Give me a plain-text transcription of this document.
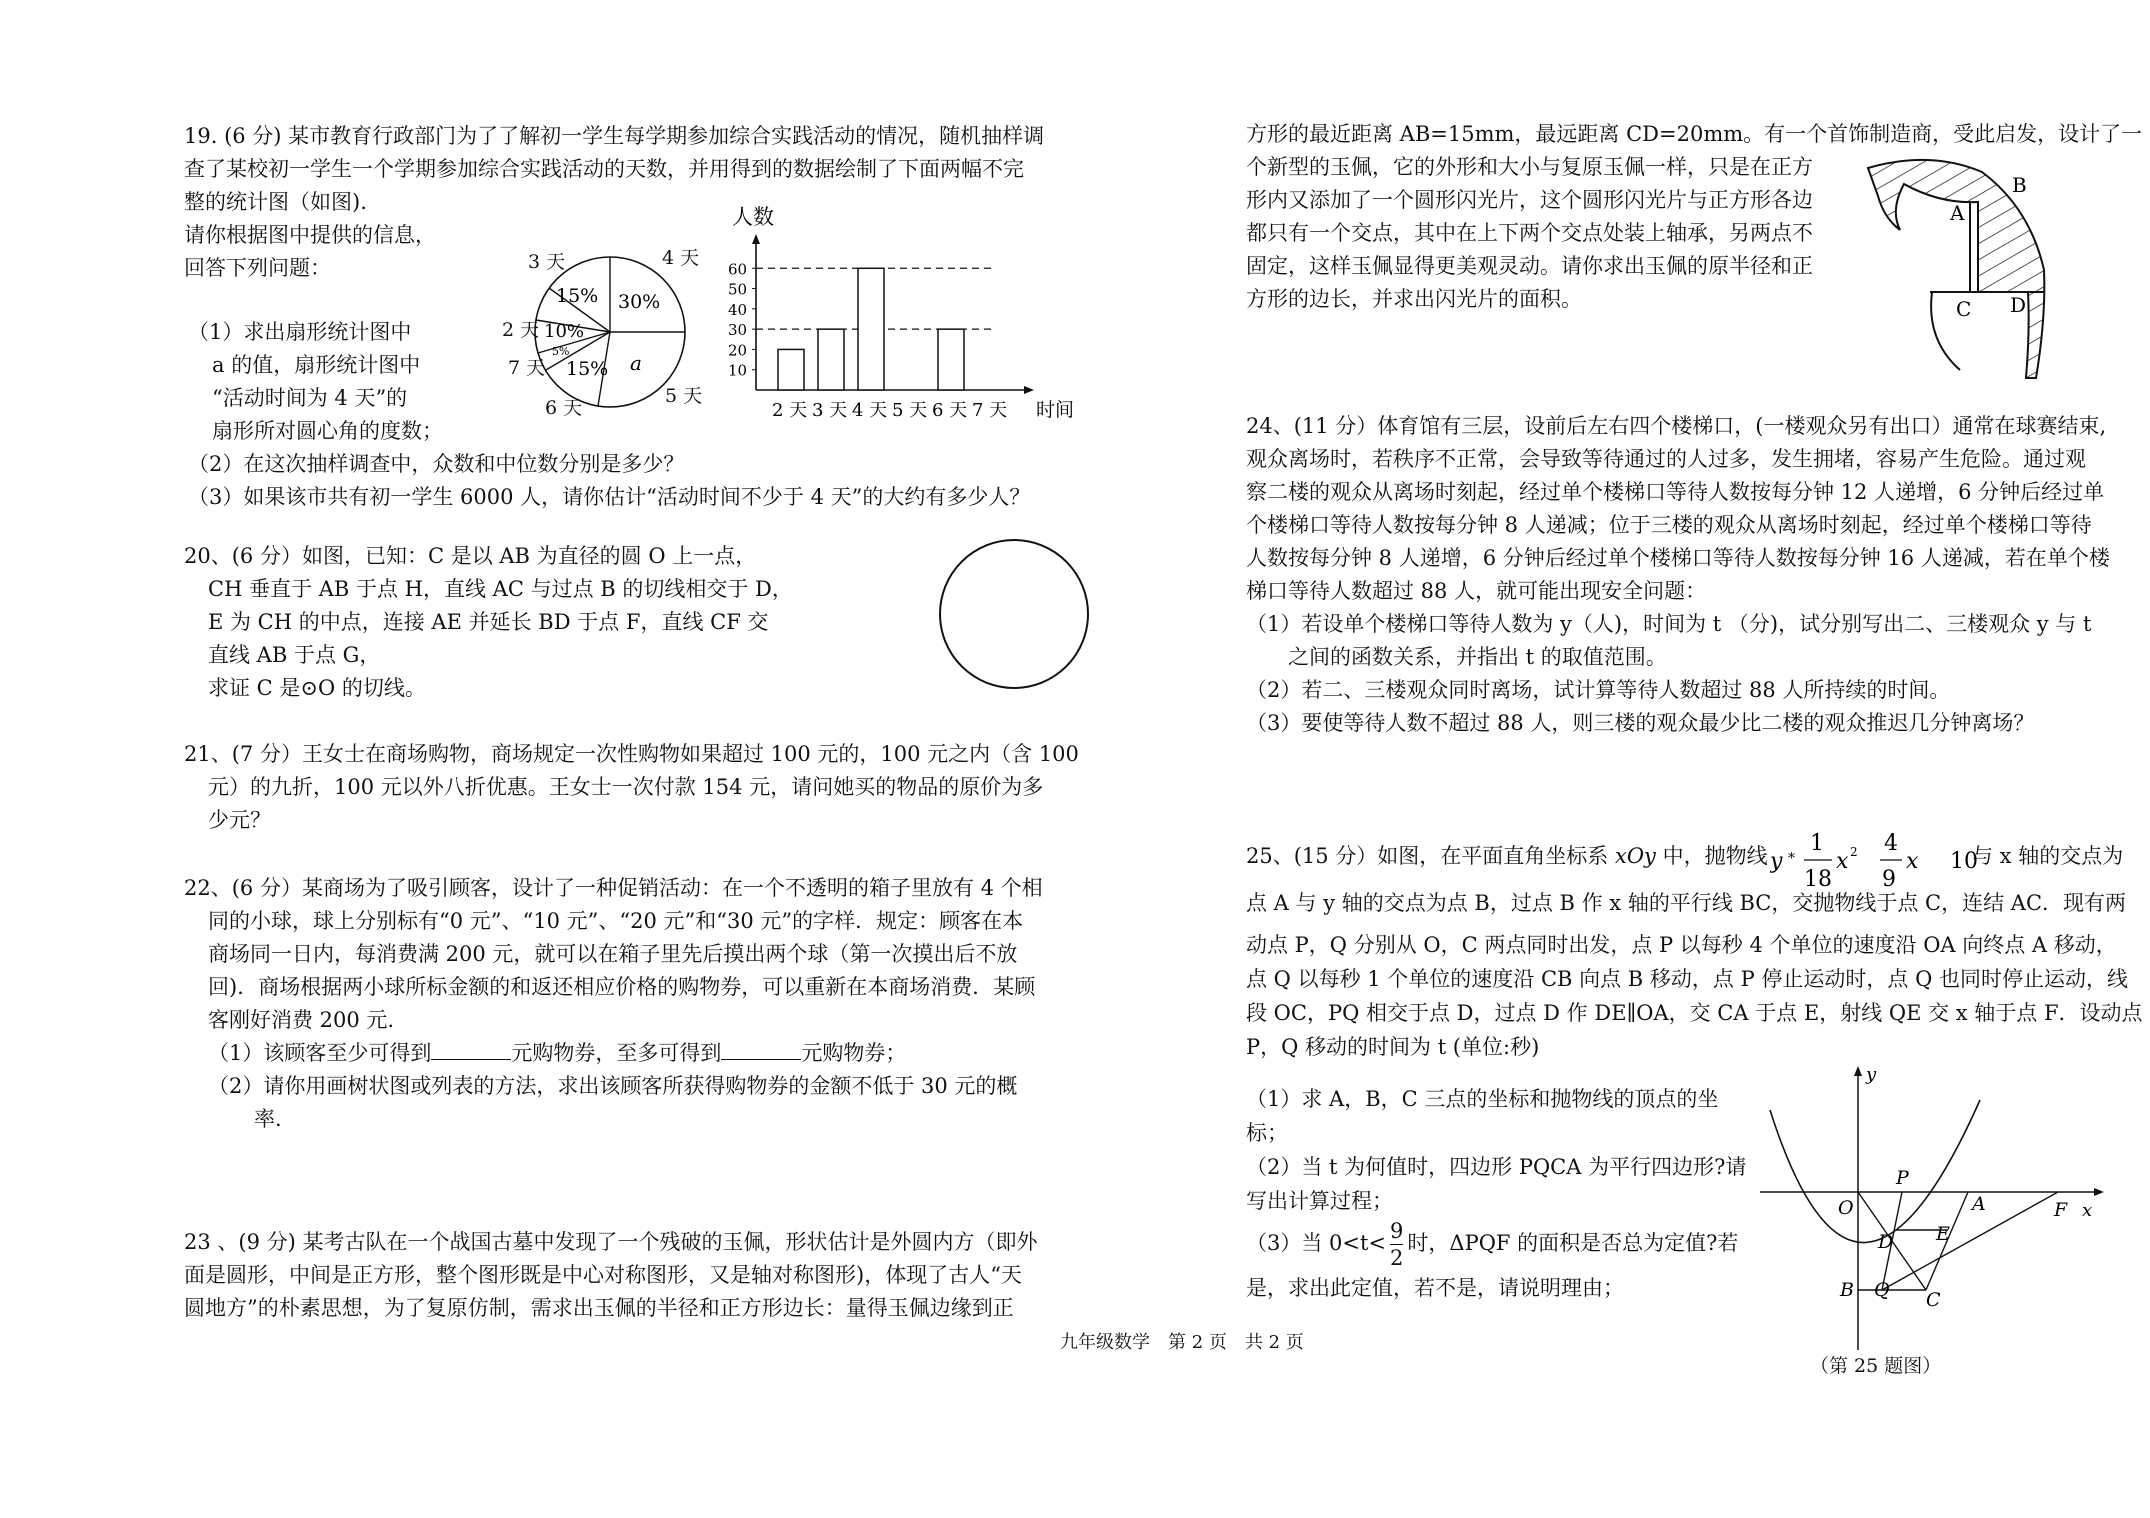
19. (6 分) 某市教育行政部门为了了解初一学生每学期参加综合实践活动的情况，随机抽样调

查了某校初一学生一个学期参加综合实践活动的天数，并用得到的数据绘制了下面两幅不完

整的统计图（如图).

请你根据图中提供的信息，

回答下列问题：

（1）求出扇形统计图中

a 的值，扇形统计图中

“活动时间为 4 天”的

扇形所对圆心角的度数；

（2）在这次抽样调查中，众数和中位数分别是多少？

（3）如果该市共有初一学生 6000 人，请你估计“活动时间不少于 4 天”的大约有多少人？

15% 30%
10%
5%
15% a
3 天	4 天
2 天
7 天
6 天
5 天
人数
60
50
40
30
20
10
2 天 3 天 4 天 5 天 6 天 7 天 时间

20、(6 分）如图，已知：C 是以 AB 为直径的圆 O 上一点，

CH 垂直于 AB 于点 H，直线 AC 与过点 B 的切线相交于 D，

E 为 CH 的中点，连接 AE 并延长 BD 于点 F，直线 CF 交

直线 AB 于点 G，

求证 C 是⊙O 的切线。

21、(7 分）王女士在商场购物，商场规定一次性购物如果超过 100 元的，100 元之内（含 100

元）的九折，100 元以外八折优惠。王女士一次付款 154 元，请问她买的物品的原价为多

少元？

22、(6 分）某商场为了吸引顾客，设计了一种促销活动：在一个不透明的箱子里放有 4 个相

同的小球，球上分别标有“0 元”、“10 元”、“20 元”和“30 元”的字样．规定：顾客在本

商场同一日内，每消费满 200 元，就可以在箱子里先后摸出两个球（第一次摸出后不放

回)．商场根据两小球所标金额的和返还相应价格的购物券，可以重新在本商场消费．某顾

客刚好消费 200 元.

（1）该顾客至少可得到	元购物券，至多可得到	元购物券；

（2）请你用画树状图或列表的方法，求出该顾客所获得购物券的金额不低于 30 元的概

率.

23 、(9 分) 某考古队在一个战国古墓中发现了一个残破的玉佩，形状估计是外圆内方（即外

面是圆形，中间是正方形，整个图形既是中心对称图形，又是轴对称图形)，体现了古人“天

圆地方”的朴素思想，为了复原仿制，需求出玉佩的半径和正方形边长：量得玉佩边缘到正

九年级数学　第 2 页　共 2 页

方形的最近距离 AB=15mm，最远距离 CD=20mm。有一个首饰制造商，受此启发，设计了一

个新型的玉佩，它的外形和大小与复原玉佩一样，只是在正方

形内又添加了一个圆形闪光片，这个圆形闪光片与正方形各边

都只有一个交点，其中在上下两个交点处装上轴承，另两点不

固定，这样玉佩显得更美观灵动。请你求出玉佩的原半径和正

方形的边长，并求出闪光片的面积。

A
B
C D

24、(11 分）体育馆有三层，设前后左右四个楼梯口，(一楼观众另有出口）通常在球赛结束,

观众离场时，若秩序不正常，会导致等待通过的人过多，发生拥堵，容易产生危险。通过观

察二楼的观众从离场时刻起，经过单个楼梯口等待人数按每分钟 12 人递增，6 分钟后经过单

个楼梯口等待人数按每分钟 8 人递减；位于三楼的观众从离场时刻起，经过单个楼梯口等待

人数按每分钟 8 人递增，6 分钟后经过单个楼梯口等待人数按每分钟 16 人递减，若在单个楼

梯口等待人数超过 88 人，就可能出现安全问题：

（1）若设单个楼梯口等待人数为 y（人)，时间为 t （分)，试分别写出二、三楼观众 y 与 t

之间的函数关系，并指出 t 的取值范围。

（2）若二、三楼观众同时离场，试计算等待人数超过 88 人所持续的时间。

（3）要使等待人数不超过 88 人，则三楼的观众最少比二楼的观众推迟几分钟离场？

25、(15 分）如图，在平面直角坐标系 xOy 中，抛物线 y ⁎ 1
18
x 2 4
9
x 10
与 x 轴的交点为

点 A 与 y 轴的交点为点 B，过点 B 作 x 轴的平行线 BC，交抛物线于点 C，连结 AC．现有两

动点 P，Q 分别从 O，C 两点同时出发，点 P 以每秒 4 个单位的速度沿 OA 向终点 A 移动，

点 Q 以每秒 1 个单位的速度沿 CB 向点 B 移动，点 P 停止运动时，点 Q 也同时停止运动，线

段 OC，PQ 相交于点 D，过点 D 作 DE∥OA，交 CA 于点 E，射线 QE 交 x 轴于点 F．设动点

P，Q 移动的时间为 t (单位:秒)

（1）求 A，B，C 三点的坐标和抛物线的顶点的坐

标；

（2）当 t 为何值时，四边形 PQCA 为平行四边形?请

写出计算过程；

（3）当 $0<t< \frac{9}{2}$ 时，ΔPQF 的面积是否总为定值?若

是，求出此定值，若不是，请说明理由；

y
x
O
P
A	F
D E
B Q C
（第 25 题图）
